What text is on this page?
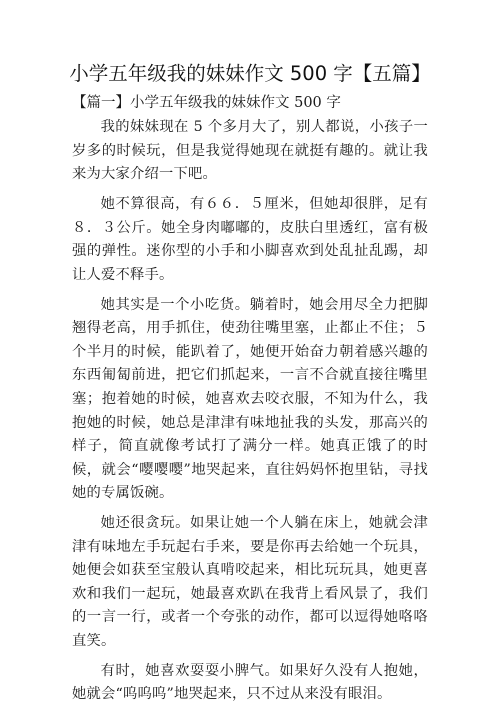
小学五年级我的妹妹作文 500 字【五篇】
【篇一】小学五年级我的妹妹作文 500 字

我的妹妹现在 5 个多月大了，别人都说，小孩子一岁多的时候玩，但是我觉得她现在就挺有趣的。就让我来为大家介绍一下吧。

她不算很高，有６６．５厘米，但她却很胖，足有８．３公斤。她全身肉嘟嘟的，皮肤白里透红，富有极强的弹性。迷你型的小手和小脚喜欢到处乱扯乱踢，却让人爱不释手。

她其实是一个小吃货。躺着时，她会用尽全力把脚翘得老高，用手抓住，使劲往嘴里塞，止都止不住；５个半月的时候，能趴着了，她便开始奋力朝着感兴趣的东西匍匐前进，把它们抓起来，一言不合就直接往嘴里塞；抱着她的时候，她喜欢去咬衣服，不知为什么，我抱她的时候，她总是津津有味地扯我的头发，那高兴的样子，简直就像考试打了满分一样。她真正饿了的时候，就会“嘤嘤嘤”地哭起来，直往妈妈怀抱里钻，寻找她的专属饭碗。

她还很贪玩。如果让她一个人躺在床上，她就会津津有味地左手玩起右手来，要是你再去给她一个玩具，她便会如获至宝般认真啃咬起来，相比玩玩具，她更喜欢和我们一起玩，她最喜欢趴在我背上看风景了，我们的一言一行，或者一个夸张的动作，都可以逗得她咯咯直笑。

有时，她喜欢耍耍小脾气。如果好久没有人抱她，她就会“呜呜呜”地哭起来，只不过从来没有眼泪。
